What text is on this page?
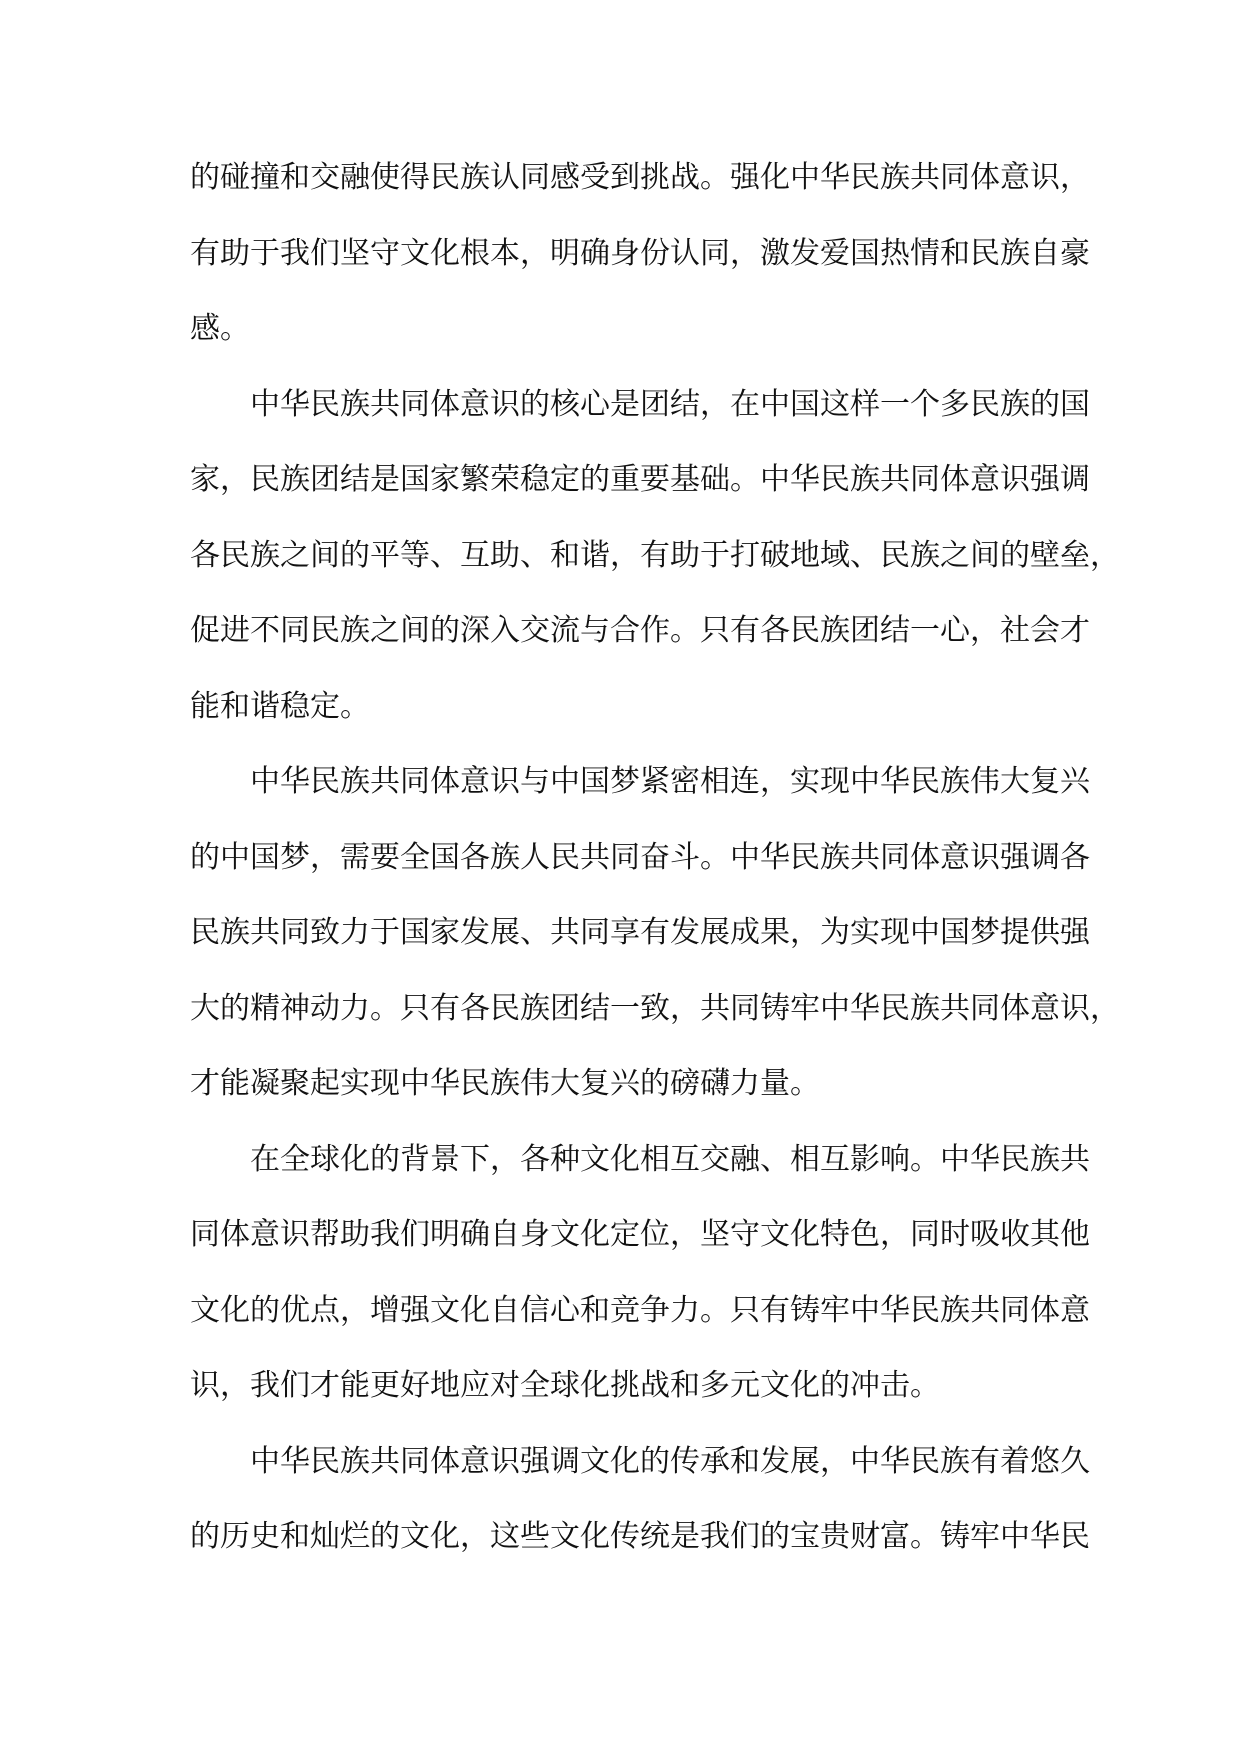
的碰撞和交融使得民族认同感受到挑战。强化中华民族共同体意识，
有助于我们坚守文化根本，明确身份认同，激发爱国热情和民族自豪
感。
中华民族共同体意识的核心是团结，在中国这样一个多民族的国
家，民族团结是国家繁荣稳定的重要基础。中华民族共同体意识强调
各民族之间的平等、互助、和谐，有助于打破地域、民族之间的壁垒，
促进不同民族之间的深入交流与合作。只有各民族团结一心，社会才
能和谐稳定。
中华民族共同体意识与中国梦紧密相连，实现中华民族伟大复兴
的中国梦，需要全国各族人民共同奋斗。中华民族共同体意识强调各
民族共同致力于国家发展、共同享有发展成果，为实现中国梦提供强
大的精神动力。只有各民族团结一致，共同铸牢中华民族共同体意识，
才能凝聚起实现中华民族伟大复兴的磅礴力量。
在全球化的背景下，各种文化相互交融、相互影响。中华民族共
同体意识帮助我们明确自身文化定位，坚守文化特色，同时吸收其他
文化的优点，增强文化自信心和竞争力。只有铸牢中华民族共同体意
识，我们才能更好地应对全球化挑战和多元文化的冲击。
中华民族共同体意识强调文化的传承和发展，中华民族有着悠久
的历史和灿烂的文化，这些文化传统是我们的宝贵财富。铸牢中华民
